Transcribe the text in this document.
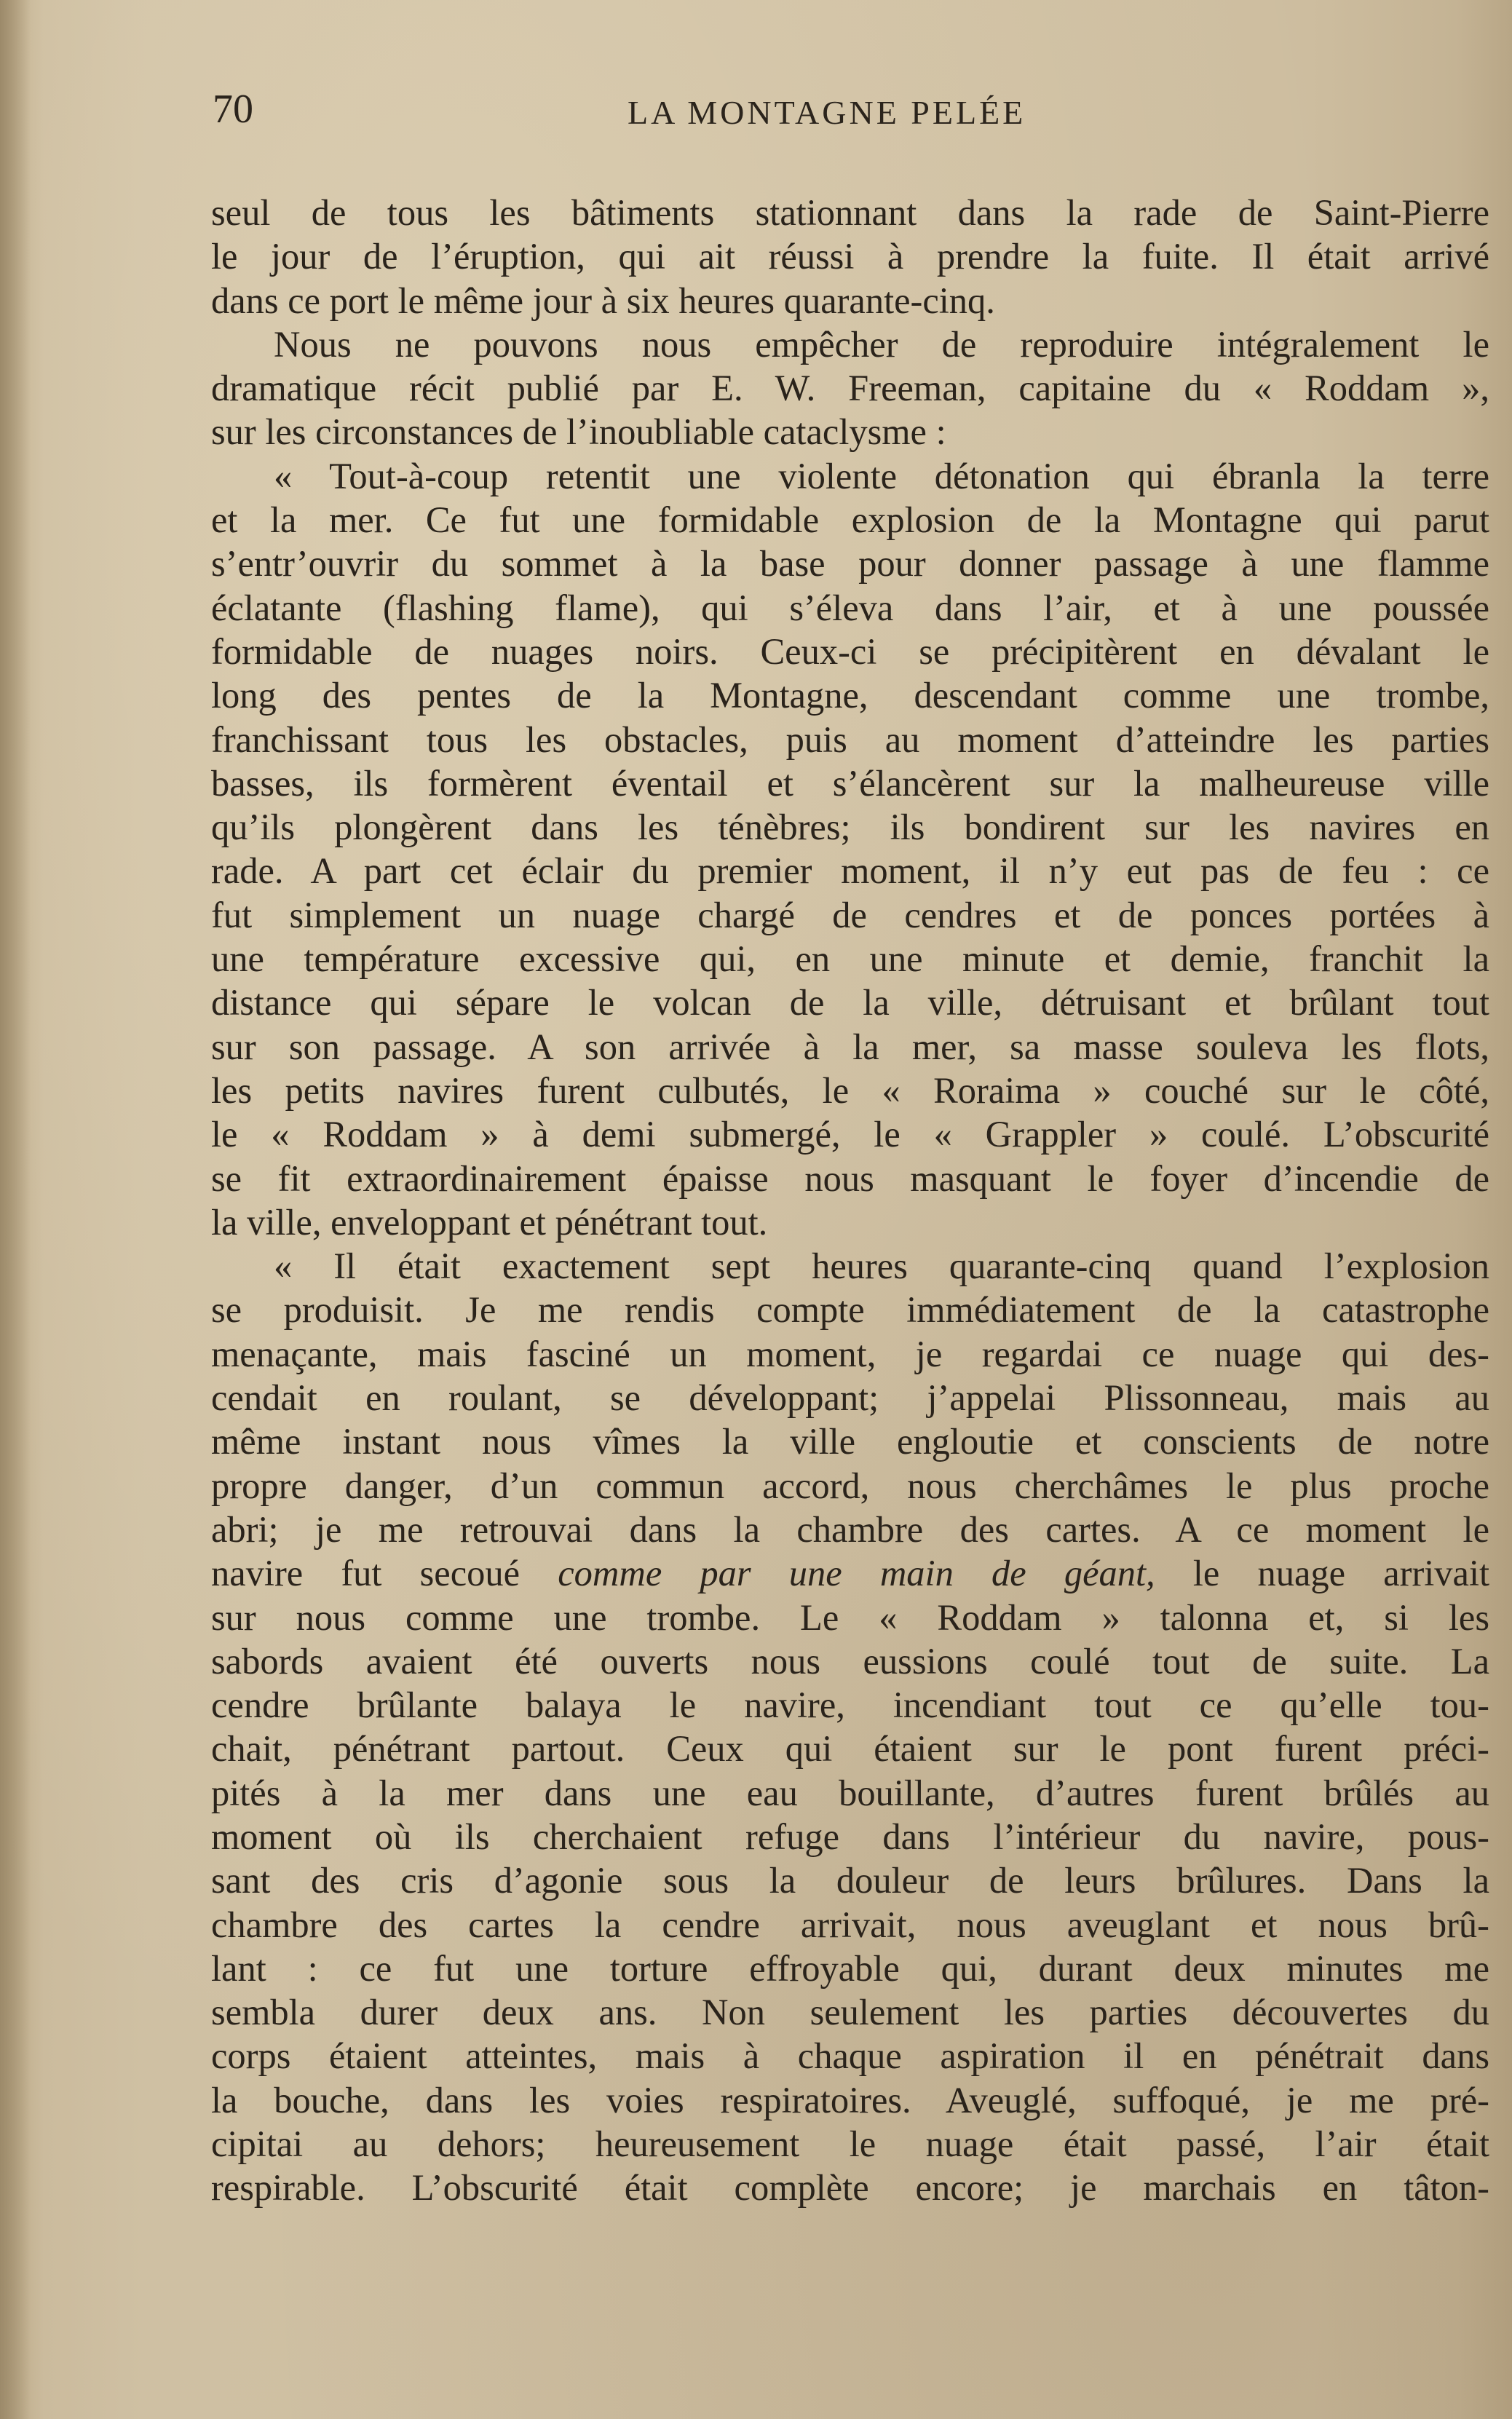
70	LA MONTAGNE PELÉE

seul de tous les bâtiments stationnant dans la rade de Saint-Pierre

le jour de l’éruption, qui ait réussi à prendre la fuite. Il était arrivé

dans ce port le même jour à six heures quarante-cinq.

Nous ne pouvons nous empêcher de reproduire intégralement le

dramatique récit publié par E. W. Freeman, capitaine du « Roddam »,

sur les circonstances de l’inoubliable cataclysme :

« Tout-à-coup retentit une violente détonation qui ébranla la terre

et la mer. Ce fut une formidable explosion de la Montagne qui parut

s’entr’ouvrir du sommet à la base pour donner passage à une flamme

éclatante (flashing flame), qui s’éleva dans l’air, et à une poussée

formidable de nuages noirs. Ceux-ci se précipitèrent en dévalant le

long des pentes de la Montagne, descendant comme une trombe,

franchissant tous les obstacles, puis au moment d’atteindre les parties

basses, ils formèrent éventail et s’élancèrent sur la malheureuse ville

qu’ils plongèrent dans les ténèbres; ils bondirent sur les navires en

rade. A part cet éclair du premier moment, il n’y eut pas de feu : ce

fut simplement un nuage chargé de cendres et de ponces portées à

une température excessive qui, en une minute et demie, franchit la

distance qui sépare le volcan de la ville, détruisant et brûlant tout

sur son passage. A son arrivée à la mer, sa masse souleva les flots,

les petits navires furent culbutés, le « Roraima » couché sur le côté,

le « Roddam » à demi submergé, le « Grappler » coulé. L’obscurité

se fit extraordinairement épaisse nous masquant le foyer d’incendie de

la ville, enveloppant et pénétrant tout.

« Il était exactement sept heures quarante-cinq quand l’explosion

se produisit. Je me rendis compte immédiatement de la catastrophe

menaçante, mais fasciné un moment, je regardai ce nuage qui des-

cendait en roulant, se développant; j’appelai Plissonneau, mais au

même instant nous vîmes la ville engloutie et conscients de notre

propre danger, d’un commun accord, nous cherchâmes le plus proche

abri; je me retrouvai dans la chambre des cartes. A ce moment le

navire fut secoué comme par une main de géant, le nuage arrivait

sur nous comme une trombe. Le « Roddam » talonna et, si les

sabords avaient été ouverts nous eussions coulé tout de suite. La

cendre brûlante balaya le navire, incendiant tout ce qu’elle tou-

chait, pénétrant partout. Ceux qui étaient sur le pont furent préci-

pités à la mer dans une eau bouillante, d’autres furent brûlés au

moment où ils cherchaient refuge dans l’intérieur du navire, pous-

sant des cris d’agonie sous la douleur de leurs brûlures. Dans la

chambre des cartes la cendre arrivait, nous aveuglant et nous brû-

lant : ce fut une torture effroyable qui, durant deux minutes me

sembla durer deux ans. Non seulement les parties découvertes du

corps étaient atteintes, mais à chaque aspiration il en pénétrait dans

la bouche, dans les voies respiratoires. Aveuglé, suffoqué, je me pré-

cipitai au dehors; heureusement le nuage était passé, l’air était

respirable. L’obscurité était complète encore; je marchais en tâton-
